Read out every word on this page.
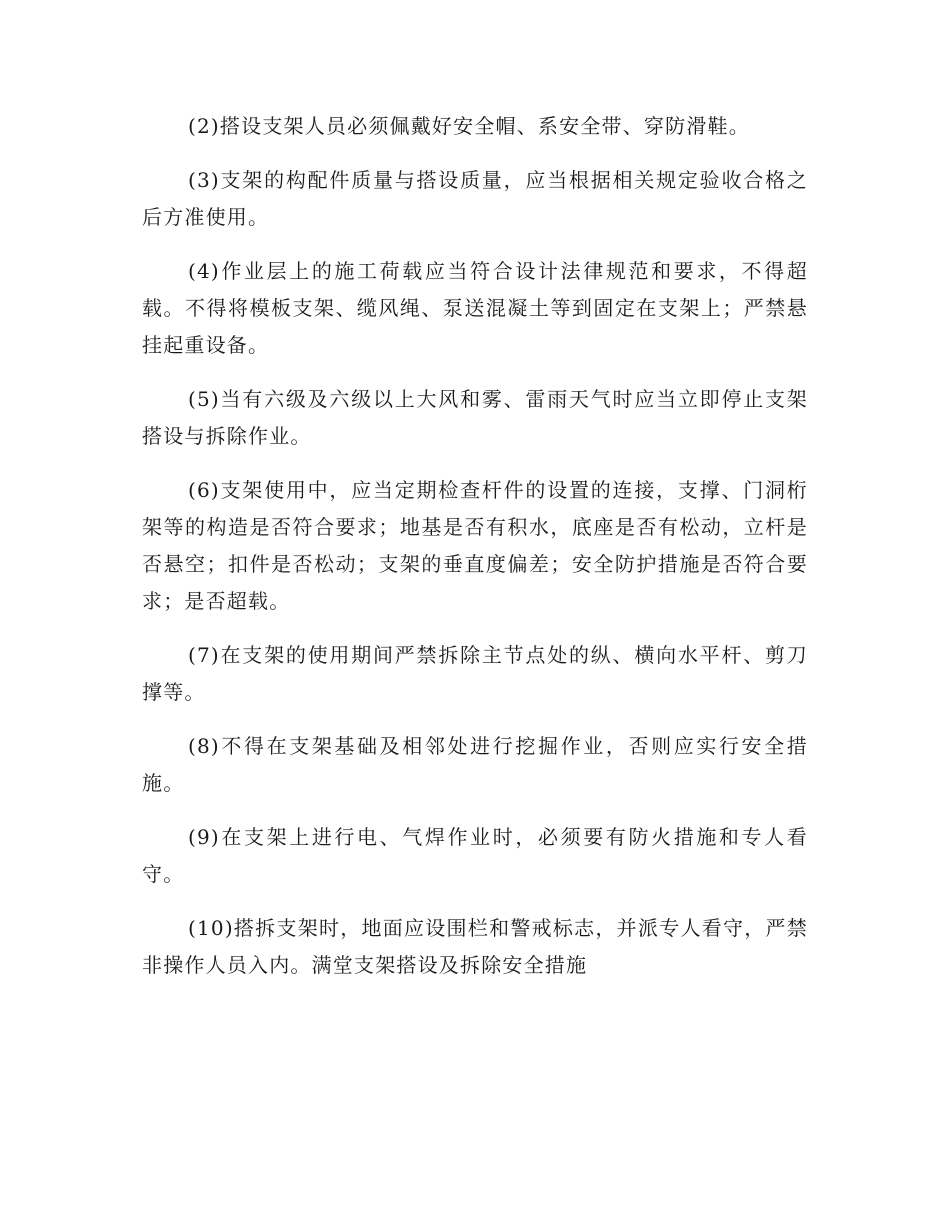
(2)搭设支架人员必须佩戴好安全帽、系安全带、穿防滑鞋。

(3)支架的构配件质量与搭设质量，应当根据相关规定验收合格之后方准使用。

(4)作业层上的施工荷载应当符合设计法律规范和要求，不得超载。不得将模板支架、缆风绳、泵送混凝土等到固定在支架上；严禁悬挂起重设备。

(5)当有六级及六级以上大风和雾、雷雨天气时应当立即停止支架搭设与拆除作业。

(6)支架使用中，应当定期检查杆件的设置的连接，支撑、门洞桁架等的构造是否符合要求；地基是否有积水，底座是否有松动，立杆是否悬空；扣件是否松动；支架的垂直度偏差；安全防护措施是否符合要求；是否超载。

(7)在支架的使用期间严禁拆除主节点处的纵、横向水平杆、剪刀撑等。

(8)不得在支架基础及相邻处进行挖掘作业，否则应实行安全措施。

(9)在支架上进行电、气焊作业时，必须要有防火措施和专人看守。

(10)搭拆支架时，地面应设围栏和警戒标志，并派专人看守，严禁非操作人员入内。满堂支架搭设及拆除安全措施
